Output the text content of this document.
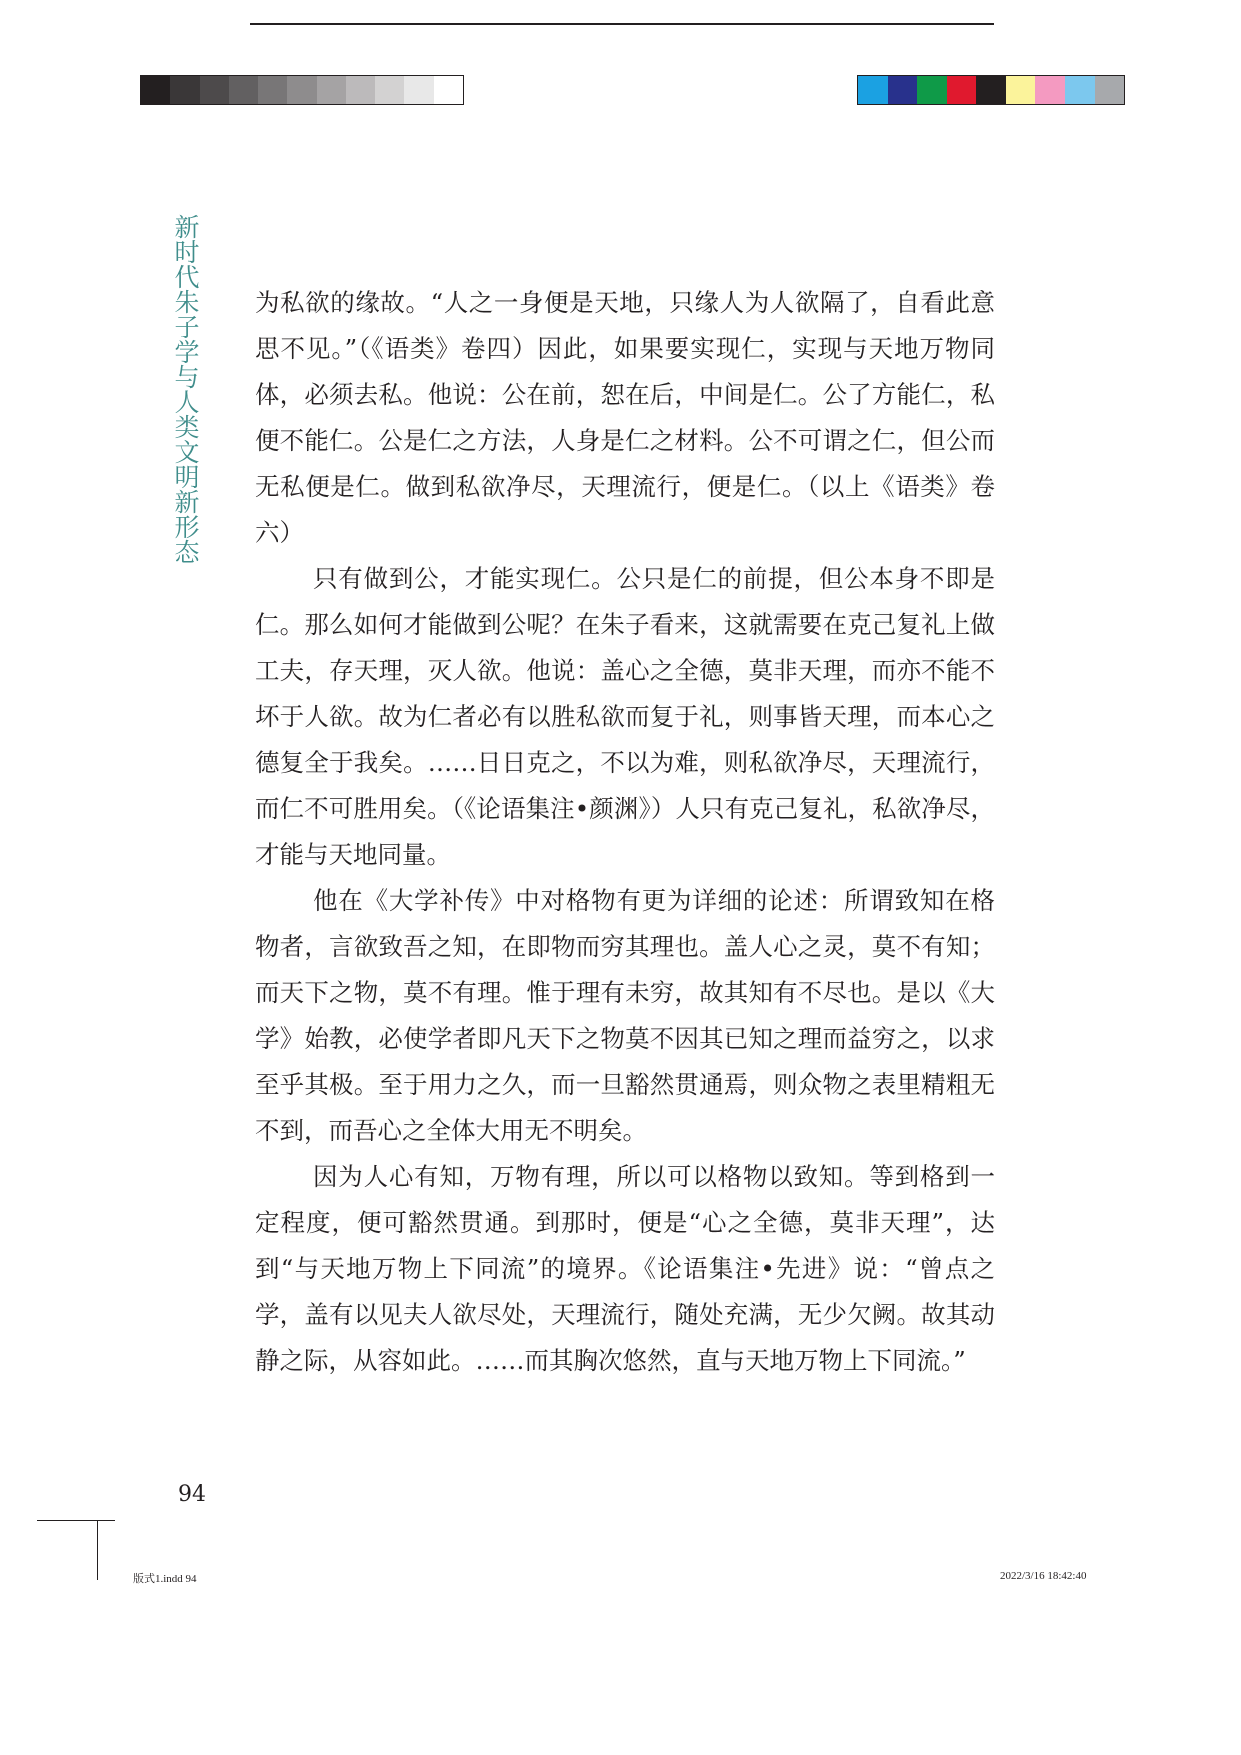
新时代朱子学与人类文明新形态 为私欲的缘故。“人之一身便是天地，只缘人为人欲隔了，自看此意思不见。”（《语类》卷四）因此，如果要实现仁，实现与天地万物同体，必须去私。他说：公在前，恕在后，中间是仁。公了方能仁，私便不能仁。公是仁之方法，人身是仁之材料。公不可谓之仁，但公而无私便是仁。做到私欲净尽，天理流行，便是仁。（以上《语类》卷六）

只有做到公，才能实现仁。公只是仁的前提，但公本身不即是仁。那么如何才能做到公呢？在朱子看来，这就需要在克己复礼上做工夫，存天理，灭人欲。他说：盖心之全德，莫非天理，而亦不能不坏于人欲。故为仁者必有以胜私欲而复于礼，则事皆天理，而本心之德复全于我矣。……日日克之，不以为难，则私欲净尽，天理流行，而仁不可胜用矣。（《论语集注•颜渊》）人只有克己复礼，私欲净尽，才能与天地同量。

他在《大学补传》中对格物有更为详细的论述：所谓致知在格物者，言欲致吾之知，在即物而穷其理也。盖人心之灵，莫不有知；而天下之物，莫不有理。惟于理有未穷，故其知有不尽也。是以《大学》始教，必使学者即凡天下之物莫不因其已知之理而益穷之，以求至乎其极。至于用力之久，而一旦豁然贯通焉，则众物之表里精粗无不到，而吾心之全体大用无不明矣。

因为人心有知，万物有理，所以可以格物以致知。等到格到一定程度，便可豁然贯通。到那时，便是“心之全德，莫非天理”，达到“与天地万物上下同流”的境界。《论语集注•先进》说：“曾点之学，盖有以见夫人欲尽处，天理流行，随处充满，无少欠阙。故其动静之际，从容如此。……而其胸次悠然，直与天地万物上下同流。”

94
版式1.indd 94	2022/3/16 18:42:40
